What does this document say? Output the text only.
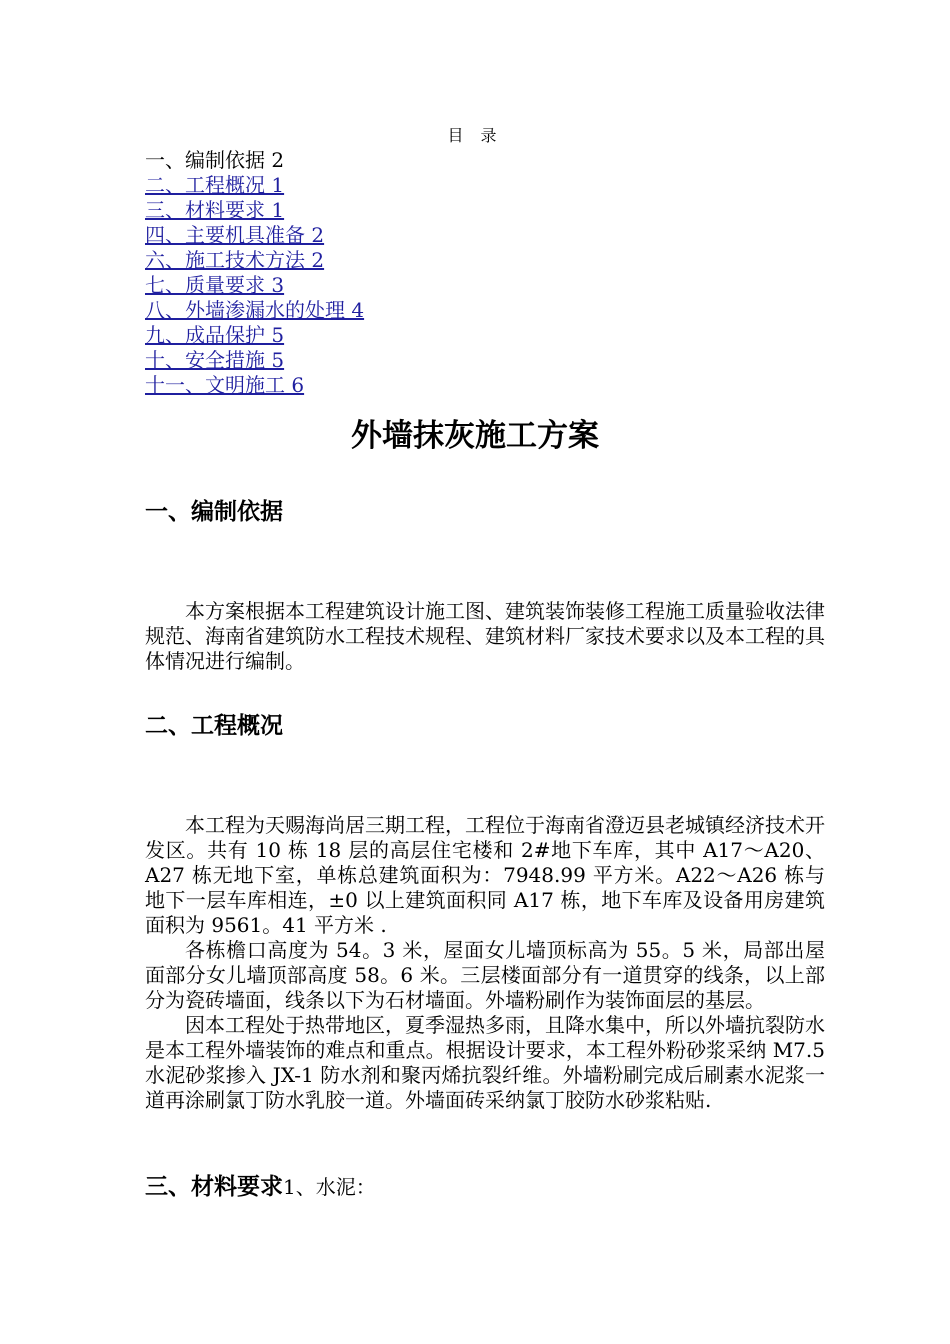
目 录
一、编制依据 2
二、工程概况 1
三、材料要求 1
四、主要机具准备 2
六、施工技术方法 2
七、质量要求 3
八、外墙渗漏水的处理 4
九、成品保护 5
十、安全措施 5
十一、文明施工 6
外墙抹灰施工方案
一、编制依据

本方案根据本工程建筑设计施工图、建筑装饰装修工程施工质量验收法律规范、海南省建筑防水工程技术规程、建筑材料厂家技术要求以及本工程的具体情况进行编制。

二、工程概况

本工程为天赐海尚居三期工程，工程位于海南省澄迈县老城镇经济技术开发区。共有 10 栋 18 层的高层住宅楼和 2#地下车库，其中 A17～A20、A27 栋无地下室，单栋总建筑面积为：7948.99 平方米。A22～A26 栋与地下一层车库相连，±0 以上建筑面积同 A17 栋，地下车库及设备用房建筑面积为 9561。41 平方米 .

各栋檐口高度为 54。3 米，屋面女儿墙顶标高为 55。5 米，局部出屋面部分女儿墙顶部高度 58。6 米。三层楼面部分有一道贯穿的线条，以上部分为瓷砖墙面，线条以下为石材墙面。外墙粉刷作为装饰面层的基层。

因本工程处于热带地区，夏季湿热多雨，且降水集中，所以外墙抗裂防水是本工程外墙装饰的难点和重点。根据设计要求，本工程外粉砂浆采纳 M7.5 水泥砂浆掺入 JX-1 防水剂和聚丙烯抗裂纤维。外墙粉刷完成后刷素水泥浆一道再涂刷氯丁防水乳胶一道。外墙面砖采纳氯丁胶防水砂浆粘贴.

三、材料要求1、水泥：
